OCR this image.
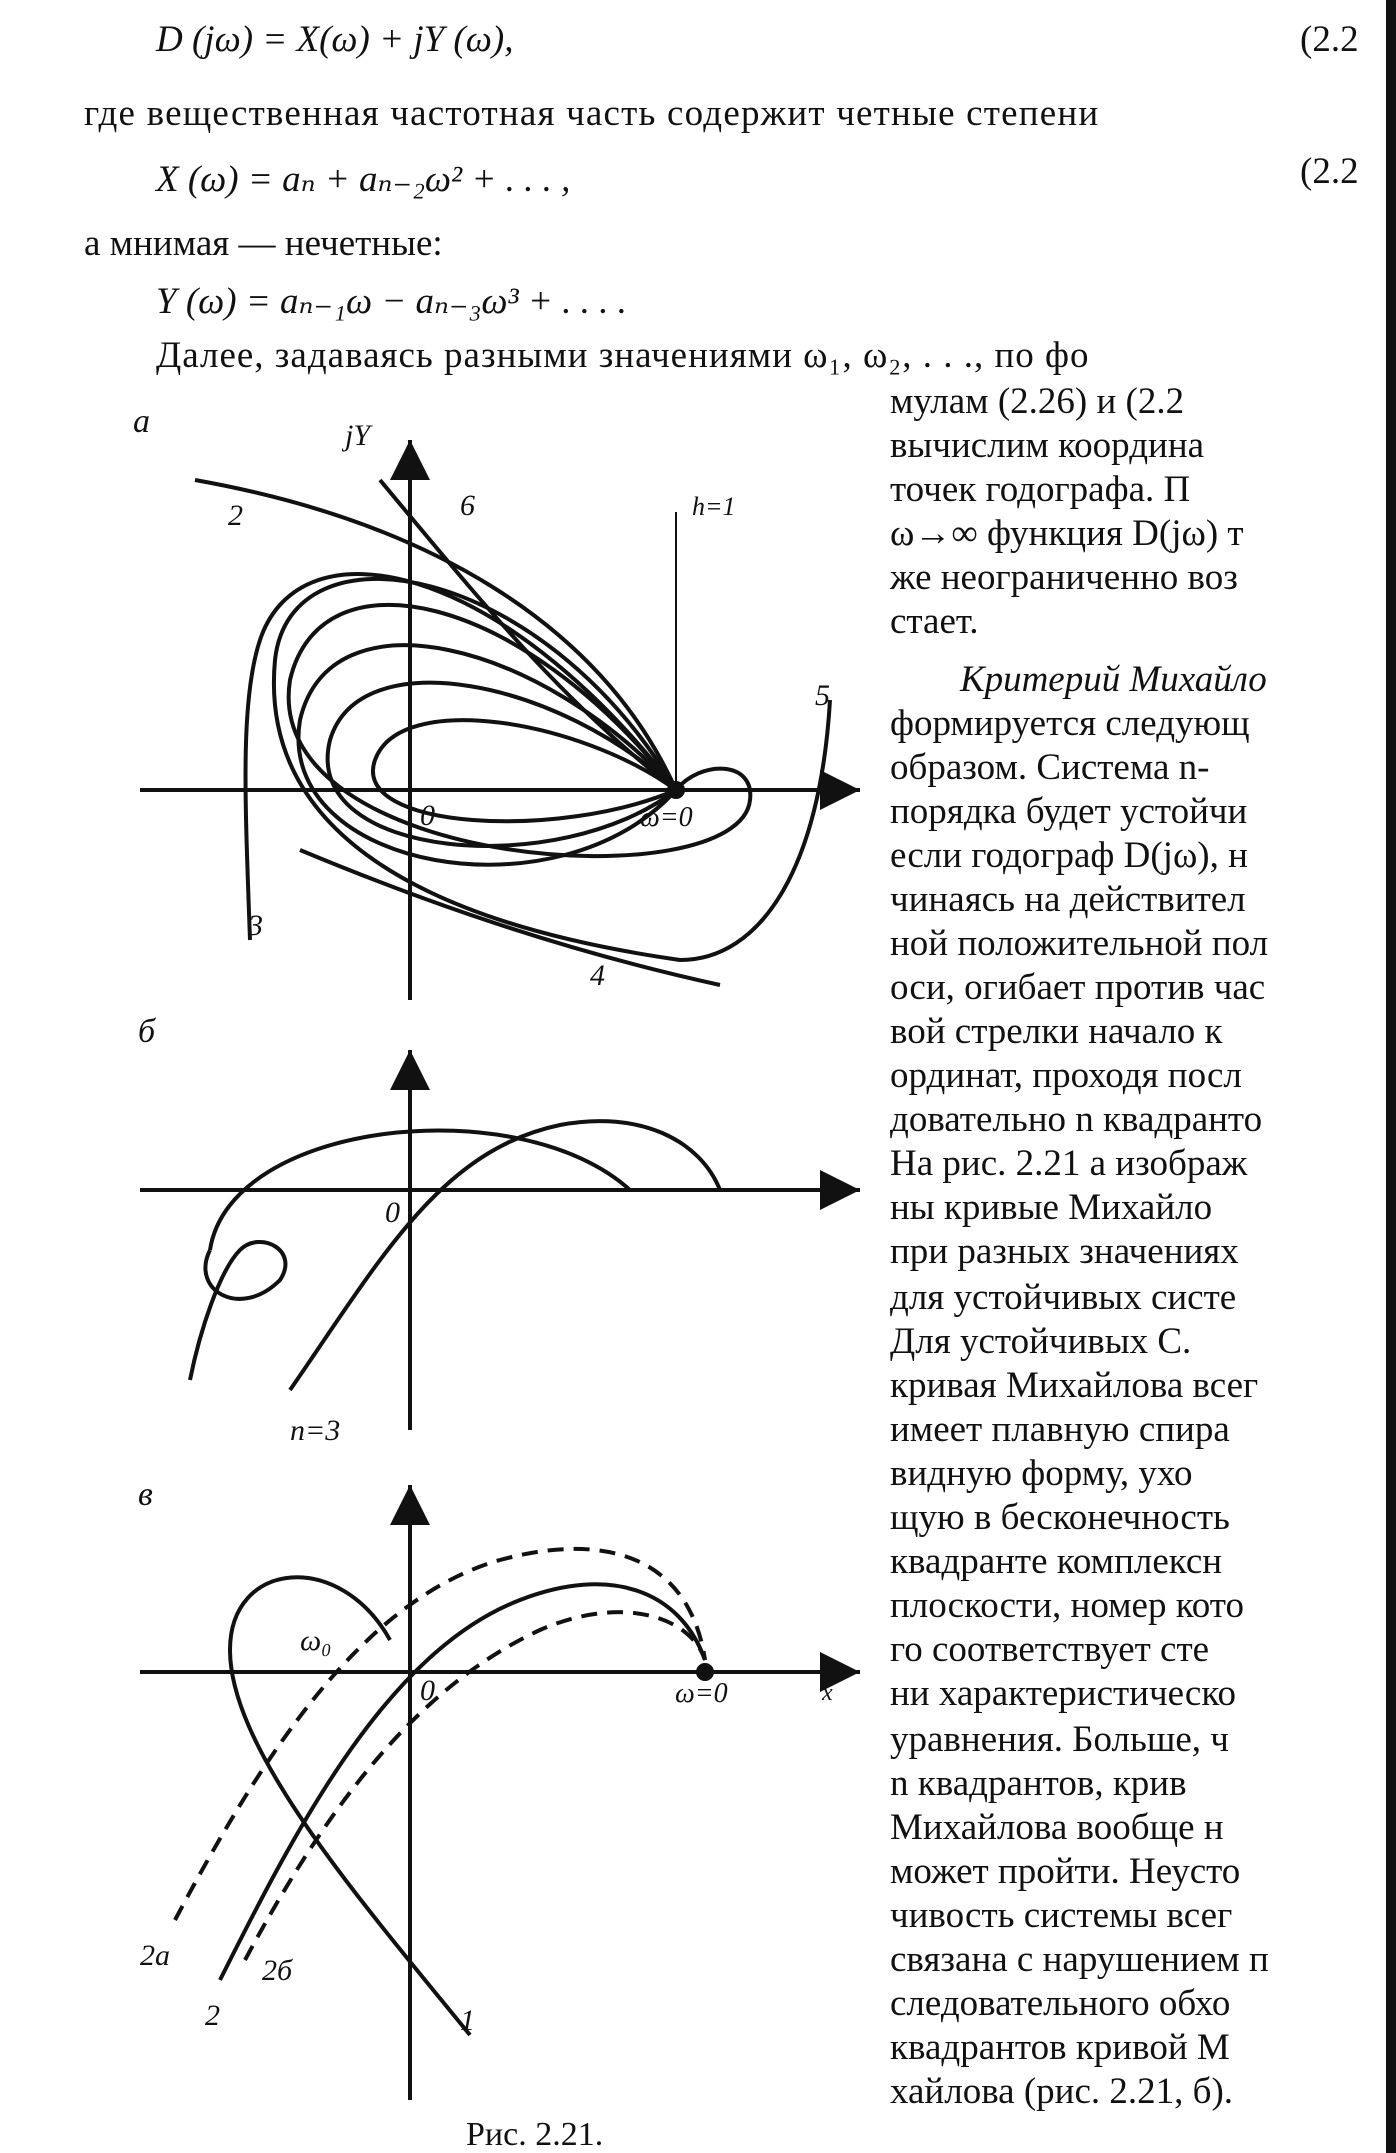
D (jω) = X(ω) + jY (ω),	(2.2
где вещественная частотная часть содержит четные степени
X (ω) = aₙ + aₙ₋₂ω² + . . . ,	(2.2
а мнимая — нечетные:
Y (ω) = aₙ₋₁ω − aₙ₋₃ω³ + . . . .
Далее, задаваясь разными значениями ω₁, ω₂, . . ., по фо
мулам (2.26) и (2.2
вычислим координа
точек годографа. П
ω→∞ функция D(jω) т
же неограниченно воз
стает.
Критерий Михайло
формируется следующ
образом. Система n-
порядка будет устойчи
если годограф D(jω), н
чинаясь на действител
ной положительной пол
оси, огибает против час
вой стрелки начало к
ординат, проходя посл
довательно n квадранто
На рис. 2.21 а изображ
ны кривые Михайло
при разных значениях
для устойчивых систе
Для устойчивых С.
кривая Михайлова всег
имеет плавную спира
видную форму, ухо
щую в бесконечность
квадранте комплексн
плоскости, номер кото
го соответствует сте
ни характеристическо
уравнения. Больше, ч
n квадрантов, крив
Михайлова вообще н
может пройти. Неусто
чивость системы всег
связана с нарушением п
следовательного обхо
квадрантов кривой М
хайлова (рис. 2.21, б).
а	jY
0	ω=0
h=1
2	6
5
3
4
б
0
n=3
в
0
ω₀
ω=0	x
2а	2б
2	1
Рис. 2.21.
